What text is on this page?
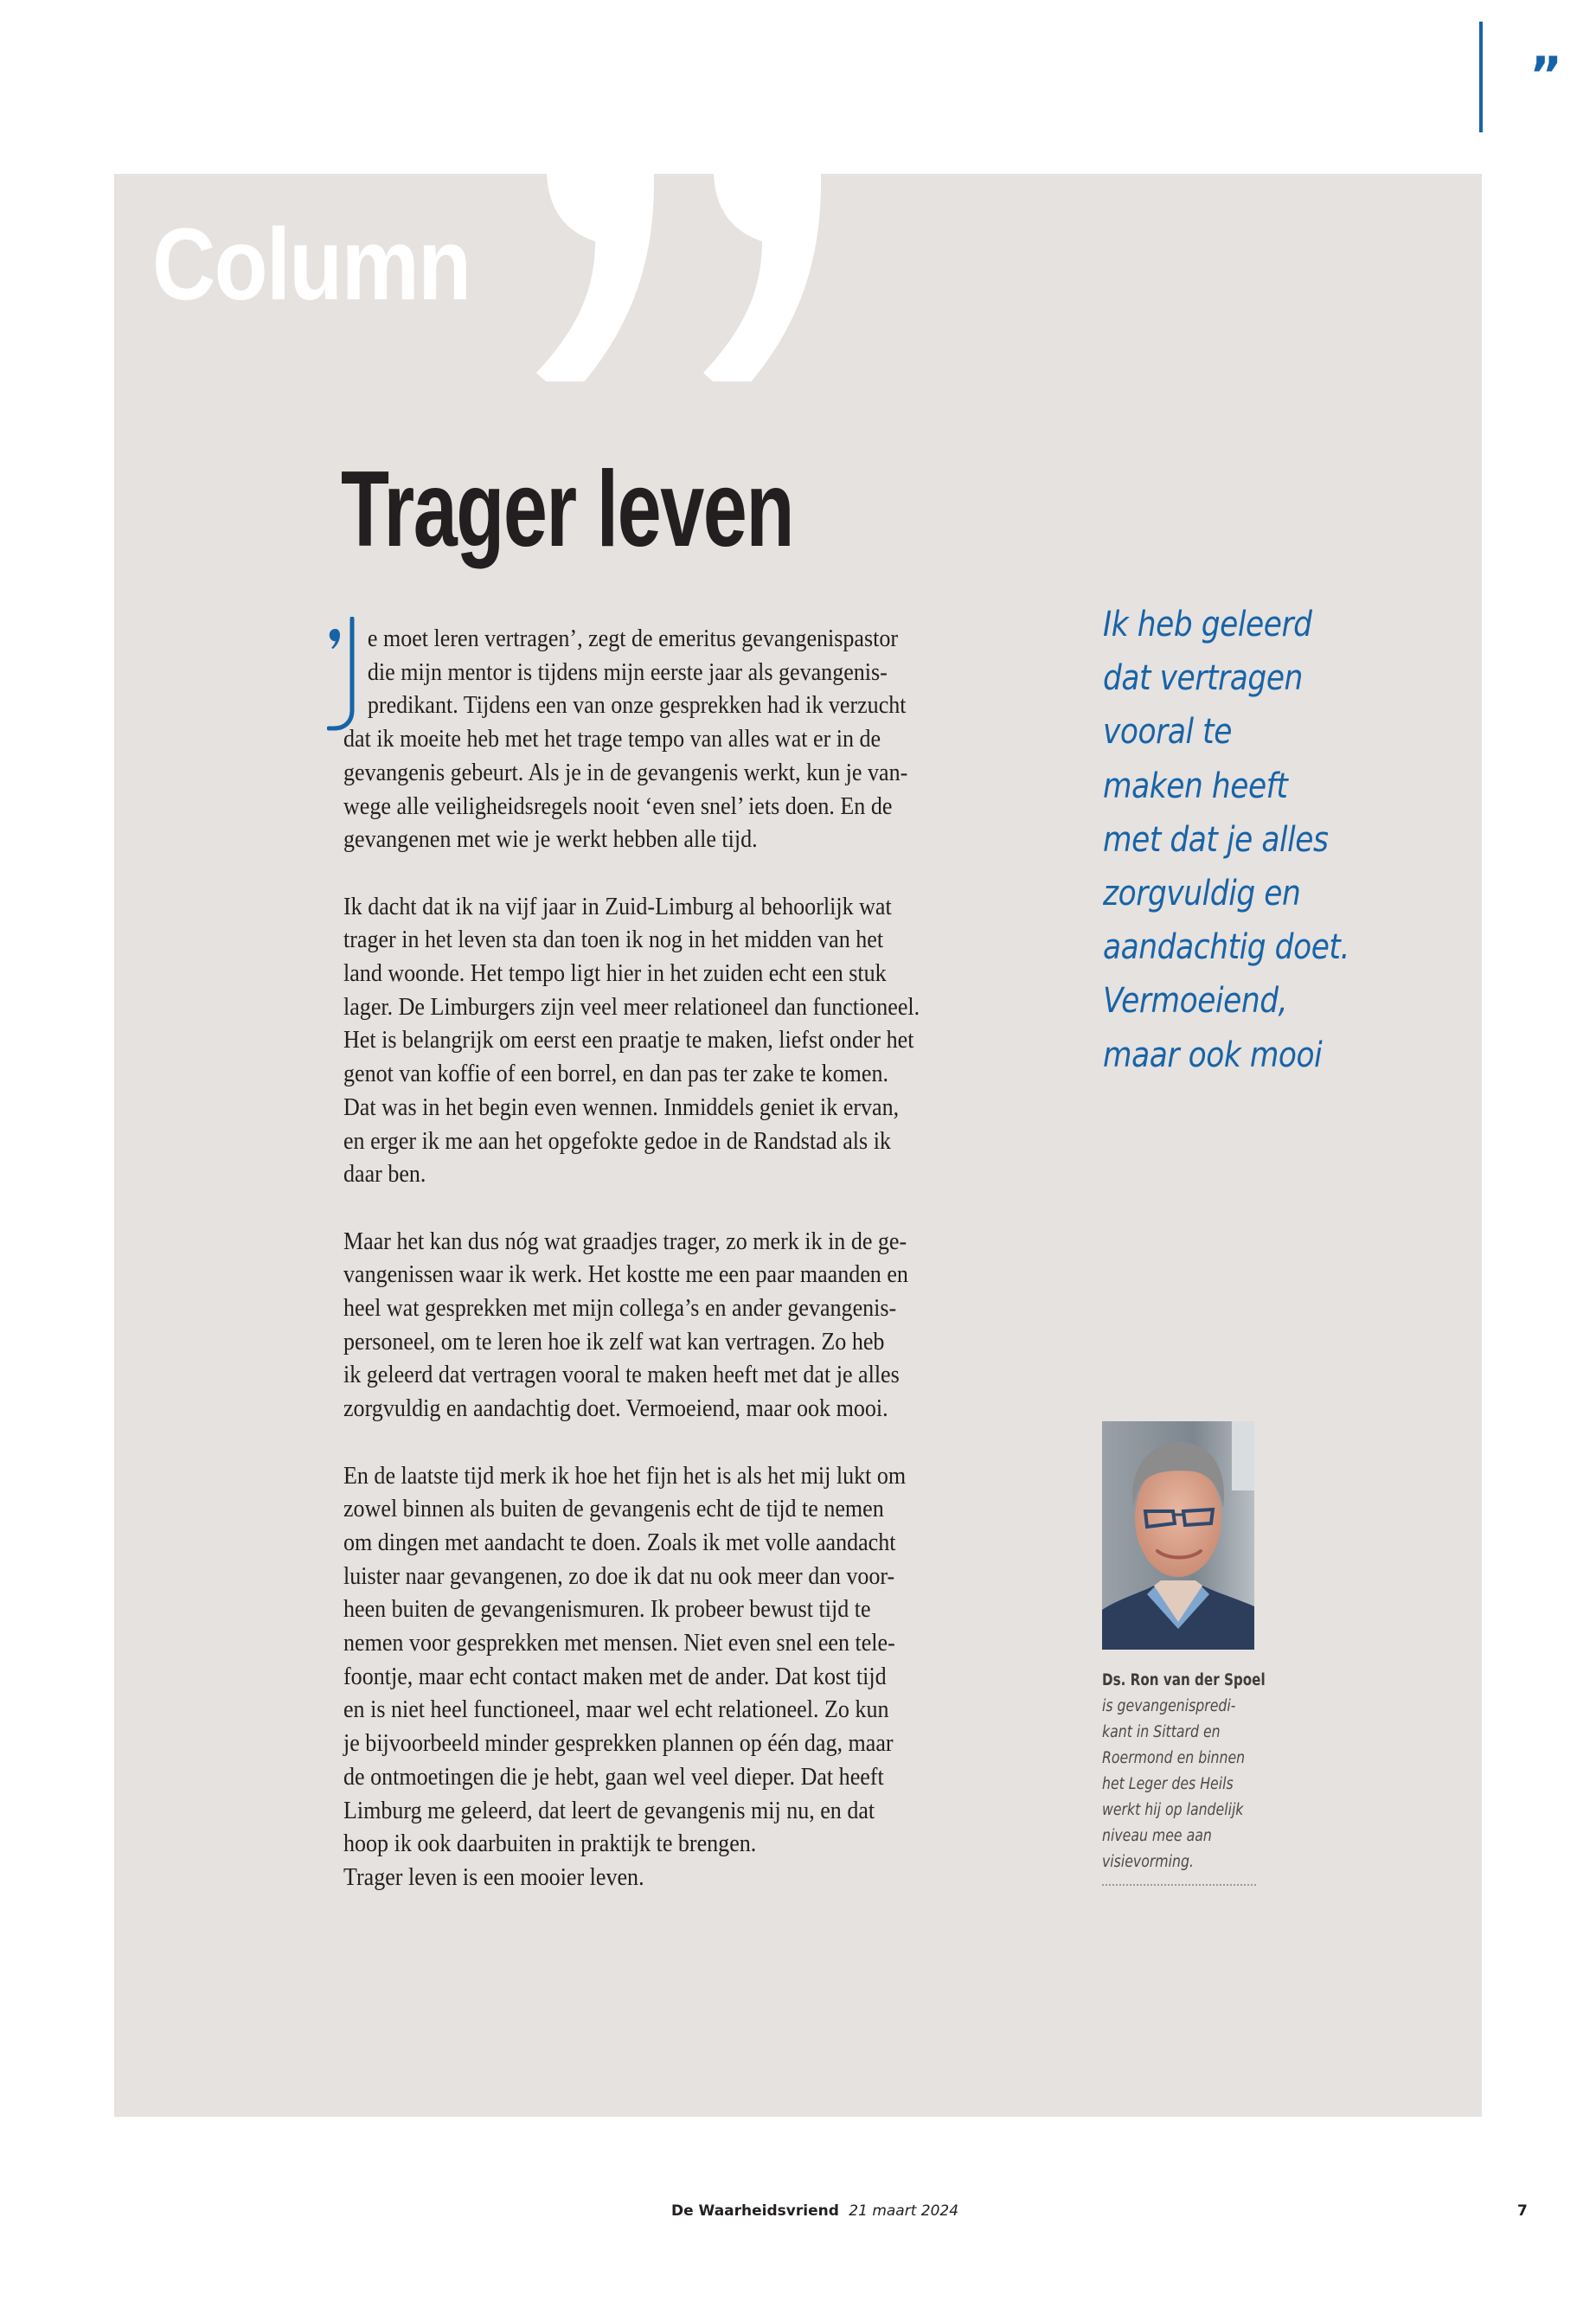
”
Column
Trager leven

e moet leren vertragen’, zegt de emeritus gevangenispastor
die mijn mentor is tijdens mijn eerste jaar als gevangenis-
predikant. Tijdens een van onze gesprekken had ik verzucht
dat ik moeite heb met het trage tempo van alles wat er in de
gevangenis gebeurt. Als je in de gevangenis werkt, kun je van-
wege alle veiligheidsregels nooit ‘even snel’ iets doen. En de
gevangenen met wie je werkt hebben alle tijd.

Ik dacht dat ik na vijf jaar in Zuid-Limburg al behoorlijk wat
trager in het leven sta dan toen ik nog in het midden van het
land woonde. Het tempo ligt hier in het zuiden echt een stuk
lager. De Limburgers zijn veel meer relationeel dan functioneel.
Het is belangrijk om eerst een praatje te maken, liefst onder het
genot van koffie of een borrel, en dan pas ter zake te komen.
Dat was in het begin even wennen. Inmiddels geniet ik ervan,
en erger ik me aan het opgefokte gedoe in de Randstad als ik
daar ben.

Maar het kan dus nóg wat graadjes trager, zo merk ik in de ge-
vangenissen waar ik werk. Het kostte me een paar maanden en
heel wat gesprekken met mijn collega’s en ander gevangenis-
personeel, om te leren hoe ik zelf wat kan vertragen. Zo heb
ik geleerd dat vertragen vooral te maken heeft met dat je alles
zorgvuldig en aandachtig doet. Vermoeiend, maar ook mooi.

En de laatste tijd merk ik hoe het fijn het is als het mij lukt om
zowel binnen als buiten de gevangenis echt de tijd te nemen
om dingen met aandacht te doen. Zoals ik met volle aandacht
luister naar gevangenen, zo doe ik dat nu ook meer dan voor-
heen buiten de gevangenismuren. Ik probeer bewust tijd te
nemen voor gesprekken met mensen. Niet even snel een tele-
foontje, maar echt contact maken met de ander. Dat kost tijd
en is niet heel functioneel, maar wel echt relationeel. Zo kun
je bijvoorbeeld minder gesprekken plannen op één dag, maar
de ontmoetingen die je hebt, gaan wel veel dieper. Dat heeft
Limburg me geleerd, dat leert de gevangenis mij nu, en dat
hoop ik ook daarbuiten in praktijk te brengen.
Trager leven is een mooier leven.

Ik heb geleerd
dat vertragen
vooral te
maken heeft
met dat je alles
zorgvuldig en
aandachtig doet.
Vermoeiend,
maar ook mooi
Ds. Ron van der Spoel
is gevangenispredi-
kant in Sittard en
Roermond en binnen
het Leger des Heils
werkt hij op landelijk
niveau mee aan
visievorming.
De Waarheidsvriend 21 maart 2024	7
